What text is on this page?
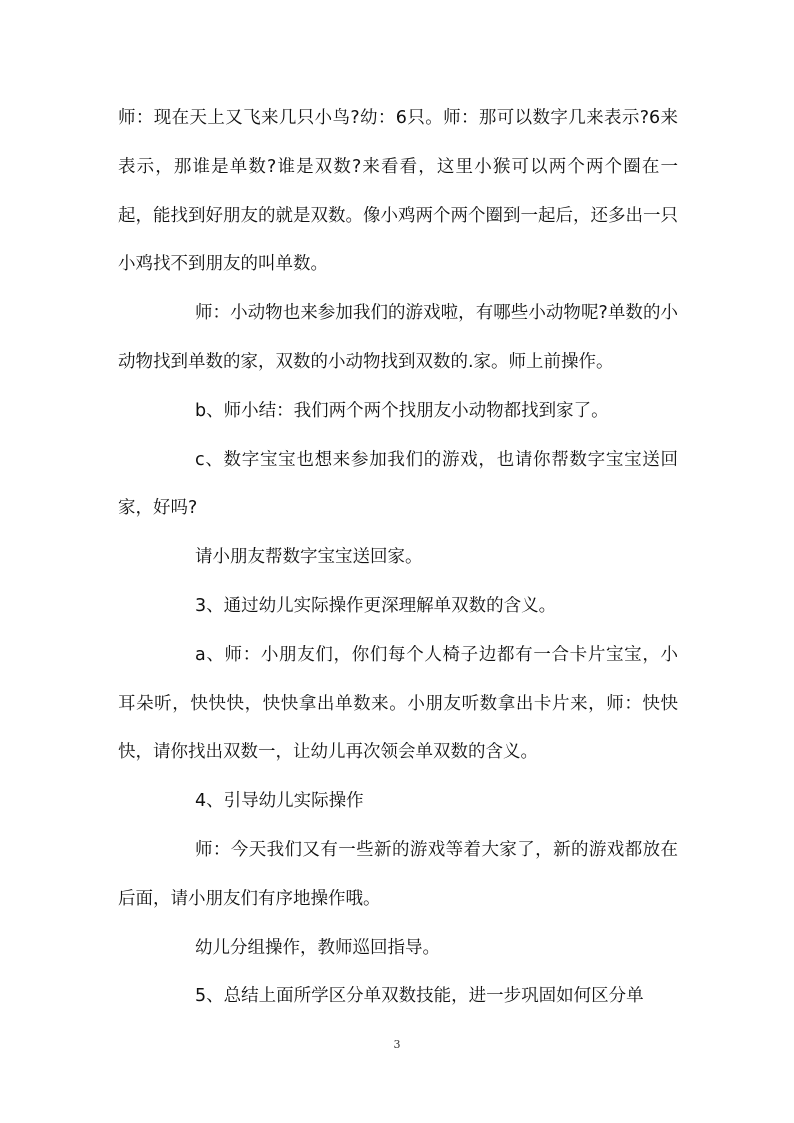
师：现在天上又飞来几只小鸟?幼：6只。师：那可以数字几来表示?6来表示，那谁是单数?谁是双数?来看看，这里小猴可以两个两个圈在一起，能找到好朋友的就是双数。像小鸡两个两个圈到一起后，还多出一只小鸡找不到朋友的叫单数。

师：小动物也来参加我们的游戏啦，有哪些小动物呢?单数的小动物找到单数的家，双数的小动物找到双数的.家。师上前操作。

b、师小结：我们两个两个找朋友小动物都找到家了。

c、数字宝宝也想来参加我们的游戏，也请你帮数字宝宝送回家，好吗?

请小朋友帮数字宝宝送回家。

3、通过幼儿实际操作更深理解单双数的含义。

a、师：小朋友们，你们每个人椅子边都有一合卡片宝宝，小耳朵听，快快快，快快拿出单数来。小朋友听数拿出卡片来，师：快快快，请你找出双数一，让幼儿再次领会单双数的含义。

4、引导幼儿实际操作

师：今天我们又有一些新的游戏等着大家了，新的游戏都放在后面，请小朋友们有序地操作哦。

幼儿分组操作，教师巡回指导。

5、总结上面所学区分单双数技能，进一步巩固如何区分单

3
